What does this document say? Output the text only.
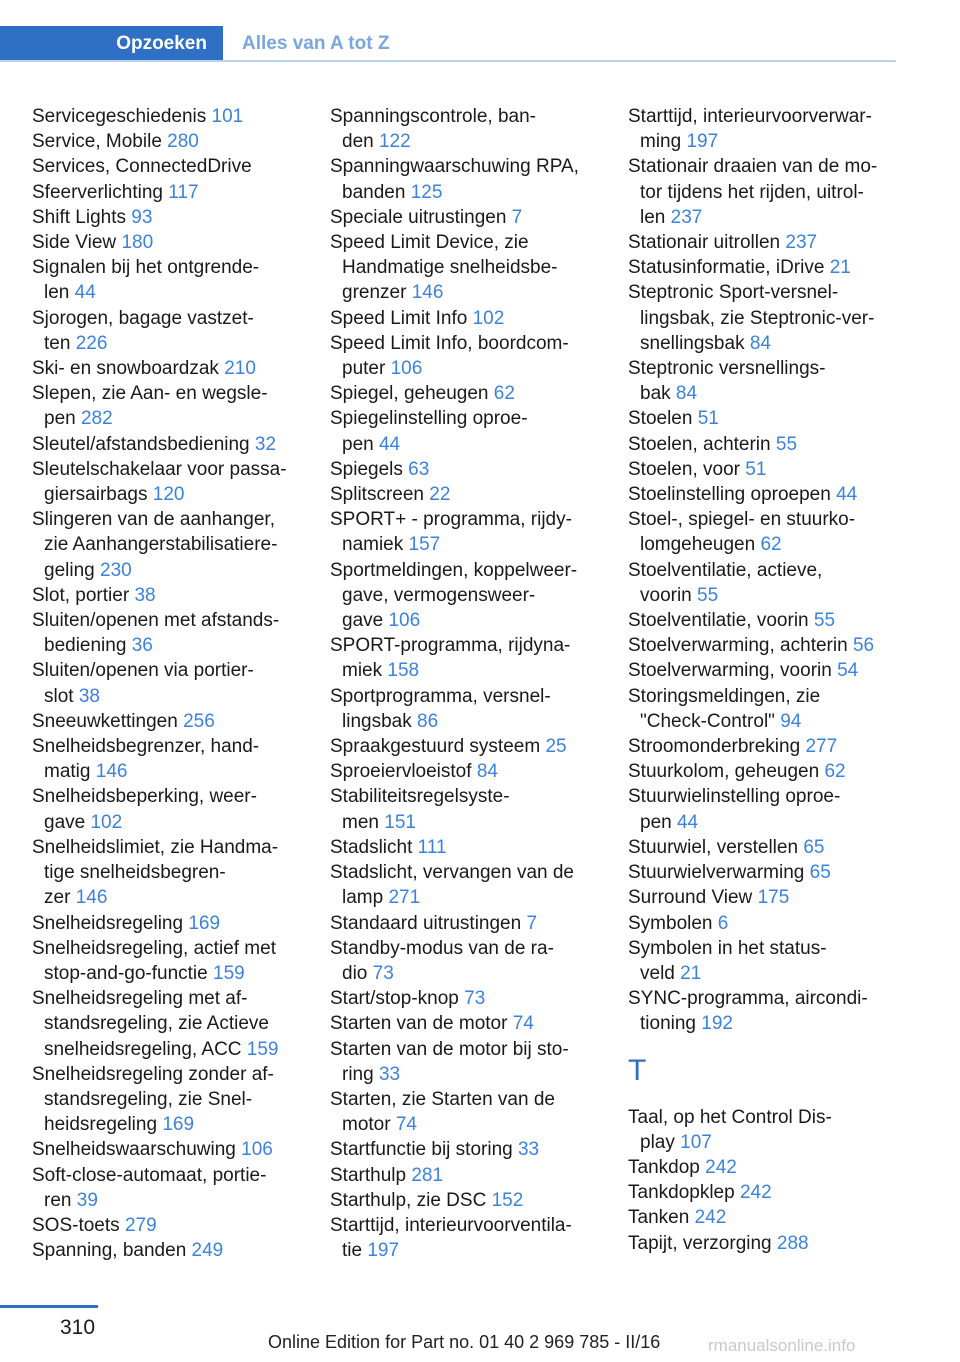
Opzoeken	Alles van A tot Z
Servicegeschiedenis 101
Service, Mobile 280
Services, ConnectedDrive
Sfeerverlichting 117
Shift Lights 93
Side View 180
Signalen bij het ontgrende-
len 44
Sjorogen, bagage vastzet-
ten 226
Ski- en snowboardzak 210
Slepen, zie Aan- en wegsle-
pen 282
Sleutel/afstandsbediening 32
Sleutelschakelaar voor passa-
giersairbags 120
Slingeren van de aanhanger,
zie Aanhangerstabilisatiere-
geling 230
Slot, portier 38
Sluiten/openen met afstands-
bediening 36
Sluiten/openen via portier-
slot 38
Sneeuwkettingen 256
Snelheidsbegrenzer, hand-
matig 146
Snelheidsbeperking, weer-
gave 102
Snelheidslimiet, zie Handma-
tige snelheidsbegren-
zer 146
Snelheidsregeling 169
Snelheidsregeling, actief met
stop-and-go-functie 159
Snelheidsregeling met af-
standsregeling, zie Actieve
snelheidsregeling, ACC 159
Snelheidsregeling zonder af-
standsregeling, zie Snel-
heidsregeling 169
Snelheidswaarschuwing 106
Soft-close-automaat, portie-
ren 39
SOS-toets 279
Spanning, banden 249
Spanningscontrole, ban-
den 122
Spanningwaarschuwing RPA,
banden 125
Speciale uitrustingen 7
Speed Limit Device, zie
Handmatige snelheidsbe-
grenzer 146
Speed Limit Info 102
Speed Limit Info, boordcom-
puter 106
Spiegel, geheugen 62
Spiegelinstelling oproe-
pen 44
Spiegels 63
Splitscreen 22
SPORT+ - programma, rijdy-
namiek 157
Sportmeldingen, koppelweer-
gave, vermogensweer-
gave 106
SPORT-programma, rijdyna-
miek 158
Sportprogramma, versnel-
lingsbak 86
Spraakgestuurd systeem 25
Sproeiervloeistof 84
Stabiliteitsregelsyste-
men 151
Stadslicht 111
Stadslicht, vervangen van de
lamp 271
Standaard uitrustingen 7
Standby-modus van de ra-
dio 73
Start/stop-knop 73
Starten van de motor 74
Starten van de motor bij sto-
ring 33
Starten, zie Starten van de
motor 74
Startfunctie bij storing 33
Starthulp 281
Starthulp, zie DSC 152
Starttijd, interieurvoorventila-
tie 197
Starttijd, interieurvoorverwar-
ming 197
Stationair draaien van de mo-
tor tijdens het rijden, uitrol-
len 237
Stationair uitrollen 237
Statusinformatie, iDrive 21
Steptronic Sport-versnel-
lingsbak, zie Steptronic-ver-
snellingsbak 84
Steptronic versnellings-
bak 84
Stoelen 51
Stoelen, achterin 55
Stoelen, voor 51
Stoelinstelling oproepen 44
Stoel-, spiegel- en stuurko-
lomgeheugen 62
Stoelventilatie, actieve,
voorin 55
Stoelventilatie, voorin 55
Stoelverwarming, achterin 56
Stoelverwarming, voorin 54
Storingsmeldingen, zie
"Check-Control" 94
Stroomonderbreking 277
Stuurkolom, geheugen 62
Stuurwielinstelling oproe-
pen 44
Stuurwiel, verstellen 65
Stuurwielverwarming 65
Surround View 175
Symbolen 6
Symbolen in het status-
veld 21
SYNC-programma, aircondi-
tioning 192
T
Taal, op het Control Dis-
play 107
Tankdop 242
Tankdopklep 242
Tanken 242
Tapijt, verzorging 288
310
Online Edition for Part no. 01 40 2 969 785 - II/16	rmanualsonline.info
